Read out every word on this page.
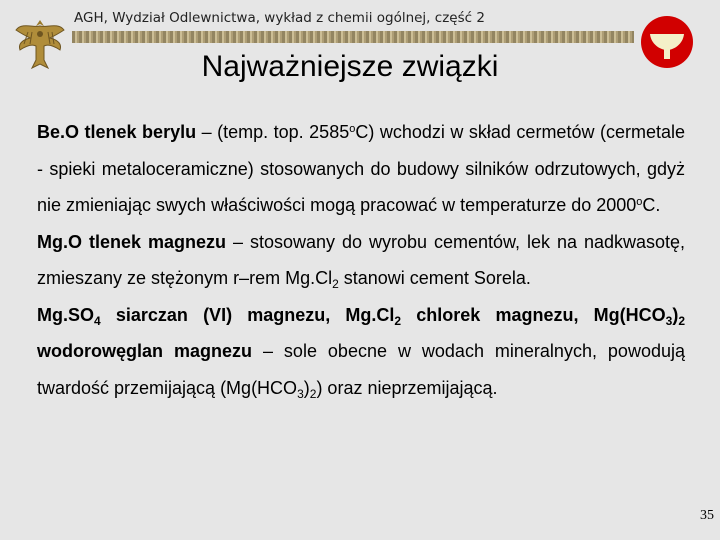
AGH, Wydział Odlewnictwa, wykład z chemii ogólnej, część 2
Najważniejsze związki

Be.O tlenek berylu – (temp. top. 2585$^o$C) wchodzi w skład cermetów (cermetale - spieki metaloceramiczne) stosowanych do budowy silników odrzutowych, gdyż nie zmieniając swych właściwości mogą pracować w temperaturze do 2000$^o$C.

Mg.O tlenek magnezu – stosowany do wyrobu cementów, lek na nadkwasotę, zmieszany ze stężonym r–rem $Mg.Cl_2$ stanowi cement Sorela.

$Mg.SO_4$ siarczan (VI) magnezu, $Mg.Cl_2$ chlorek magnezu, $Mg(HCO_3)_2$ wodorowęglan magnezu – sole obecne w wodach mineralnych, powodują twardość przemijającą $(Mg(HCO_3)_2)$ oraz nieprzemijającą.

35
